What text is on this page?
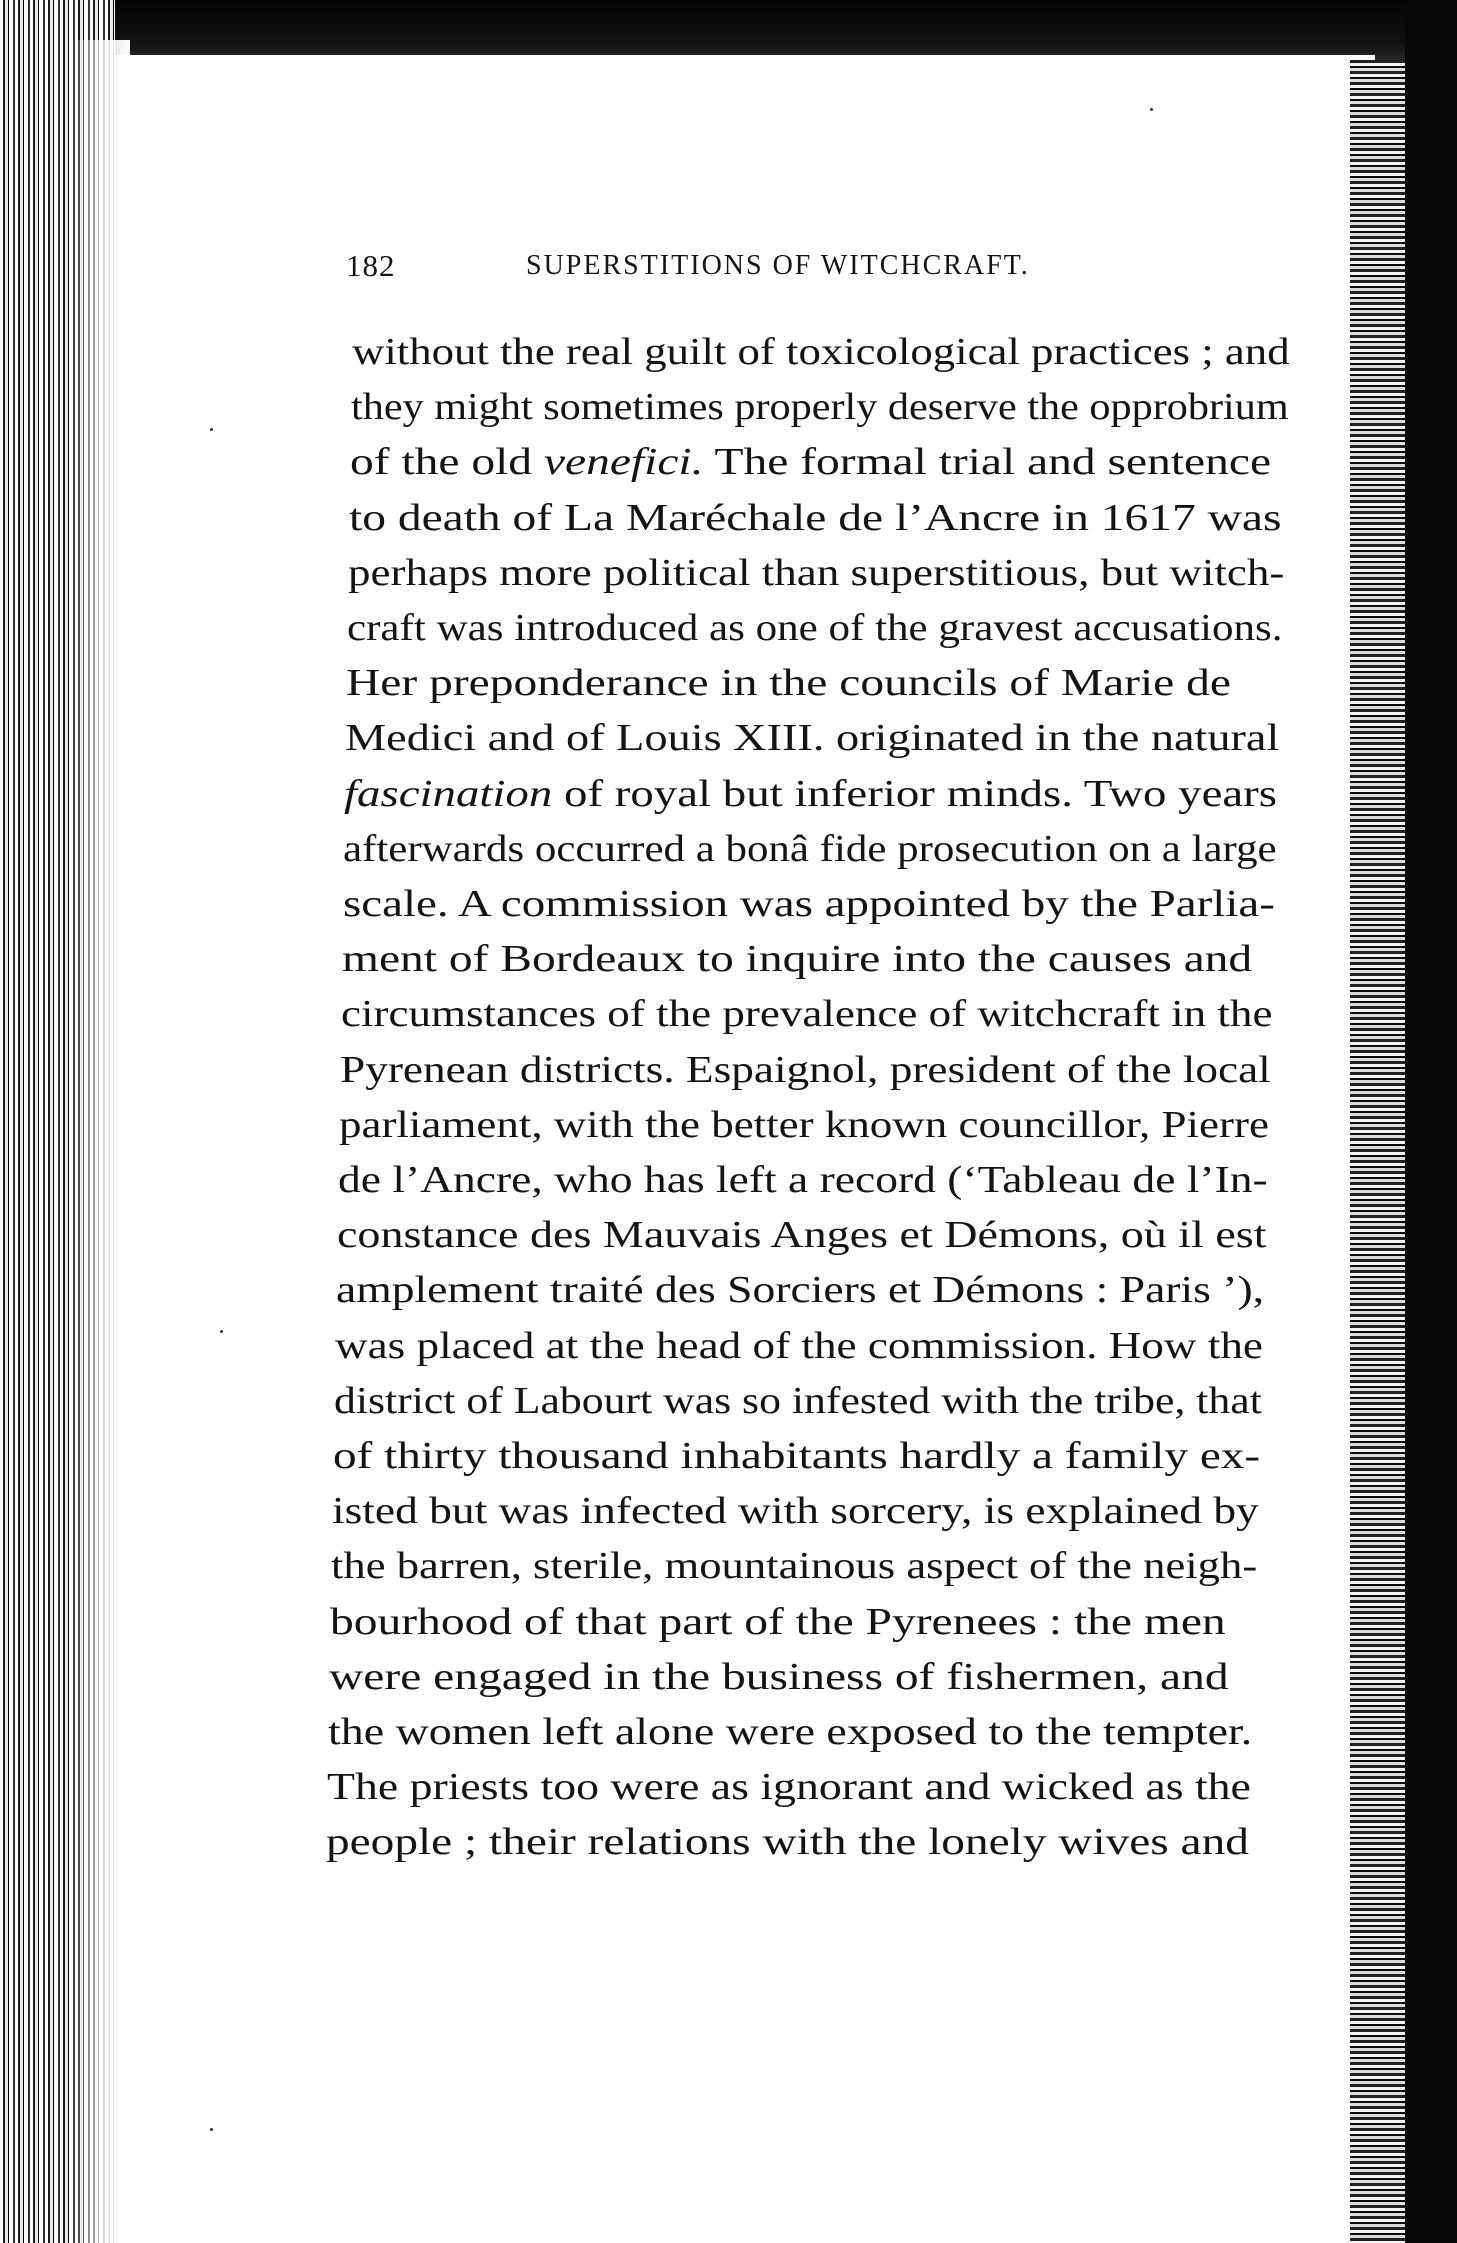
182	SUPERSTITIONS OF WITCHCRAFT.
without the real guilt of toxicological practices ; and
they might sometimes properly deserve the opprobrium
of the old venefici. The formal trial and sentence
to death of La Maréchale de l’Ancre in 1617 was
perhaps more political than superstitious, but witch-
craft was introduced as one of the gravest accusations.
Her preponderance in the councils of Marie de
Medici and of Louis XIII. originated in the natural
fascination of royal but inferior minds. Two years
afterwards occurred a bonâ fide prosecution on a large
scale. A commission was appointed by the Parlia-
ment of Bordeaux to inquire into the causes and
circumstances of the prevalence of witchcraft in the
Pyrenean districts. Espaignol, president of the local
parliament, with the better known councillor, Pierre
de l’Ancre, who has left a record (‘Tableau de l’In-
constance des Mauvais Anges et Démons, où il est
amplement traité des Sorciers et Démons : Paris ’),
was placed at the head of the commission. How the
district of Labourt was so infested with the tribe, that
of thirty thousand inhabitants hardly a family ex-
isted but was infected with sorcery, is explained by
the barren, sterile, mountainous aspect of the neigh-
bourhood of that part of the Pyrenees : the men
were engaged in the business of fishermen, and
the women left alone were exposed to the tempter.
The priests too were as ignorant and wicked as the
people ; their relations with the lonely wives and
